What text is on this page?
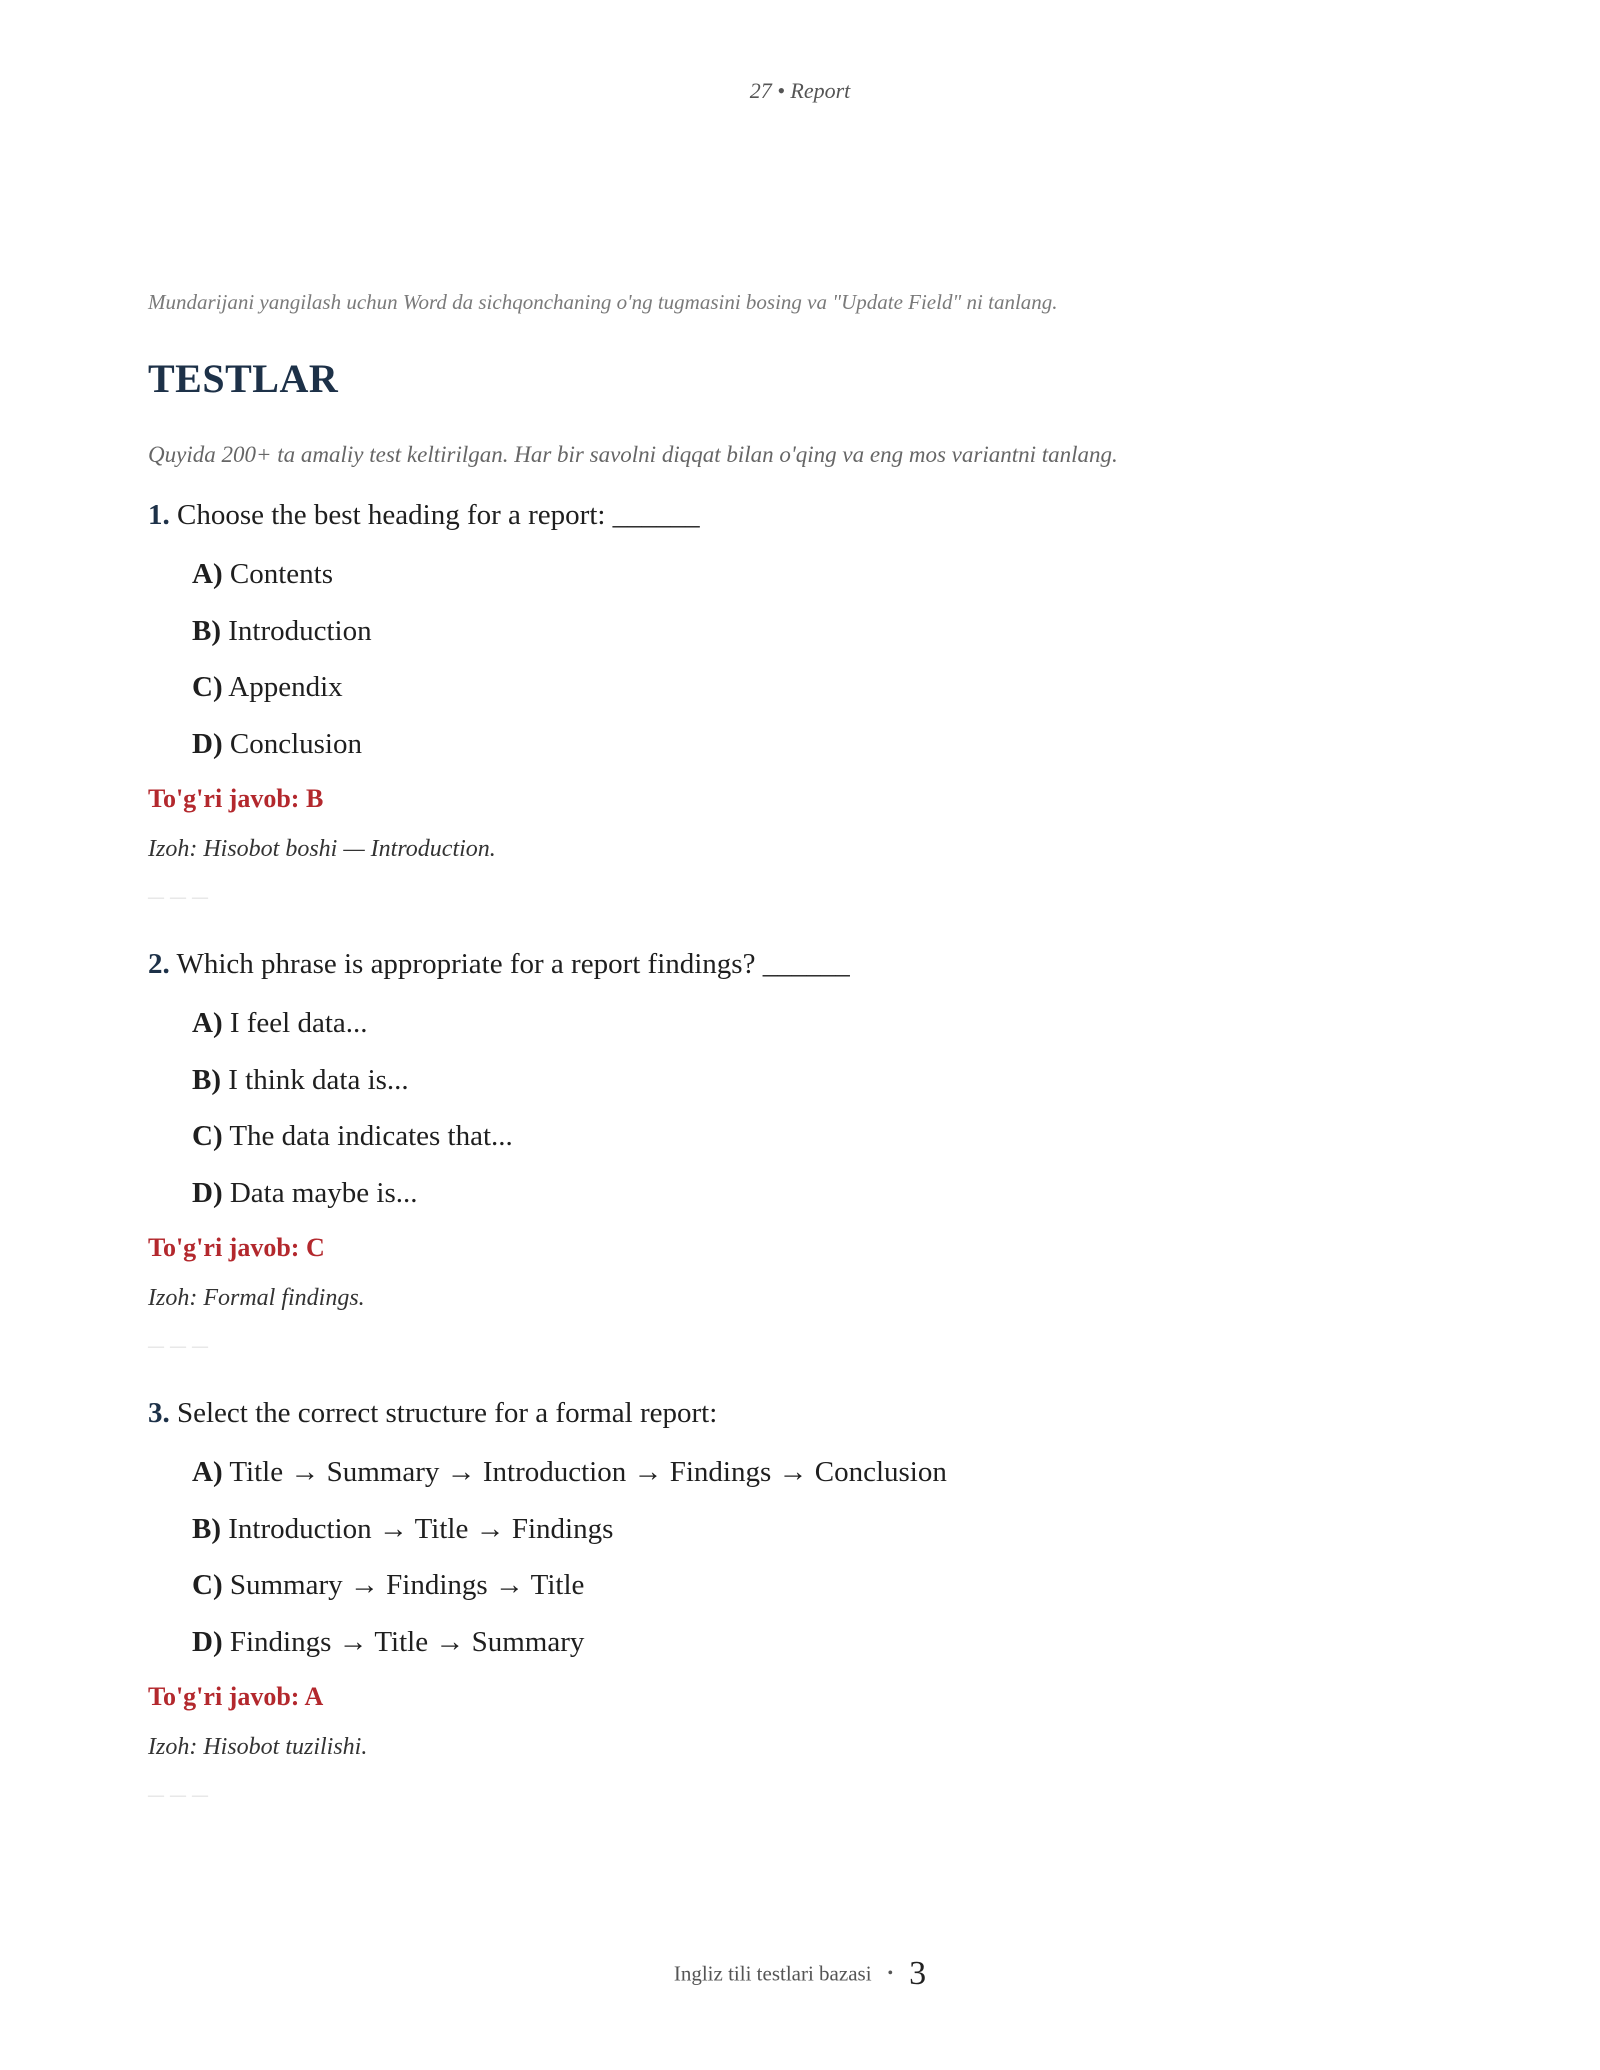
27 • Report

Mundarijani yangilash uchun Word da sichqonchaning o'ng tugmasini bosing va "Update Field" ni tanlang.

TESTLAR

Quyida 200+ ta amaliy test keltirilgan. Har bir savolni diqqat bilan o'qing va eng mos variantni tanlang.

1. Choose the best heading for a report: ______

A) Contents
B) Introduction
C) Appendix
D) Conclusion

To'g'ri javob: B

Izoh: Hisobot boshi — Introduction.

— — —

2. Which phrase is appropriate for a report findings? ______

A) I feel data...
B) I think data is...
C) The data indicates that...
D) Data maybe is...

To'g'ri javob: C

Izoh: Formal findings.

— — —

3. Select the correct structure for a formal report:

A) Title → Summary → Introduction → Findings → Conclusion
B) Introduction → Title → Findings
C) Summary → Findings → Title
D) Findings → Title → Summary

To'g'ri javob: A

Izoh: Hisobot tuzilishi.

— — —

Ingliz tili testlari bazasi • 3
